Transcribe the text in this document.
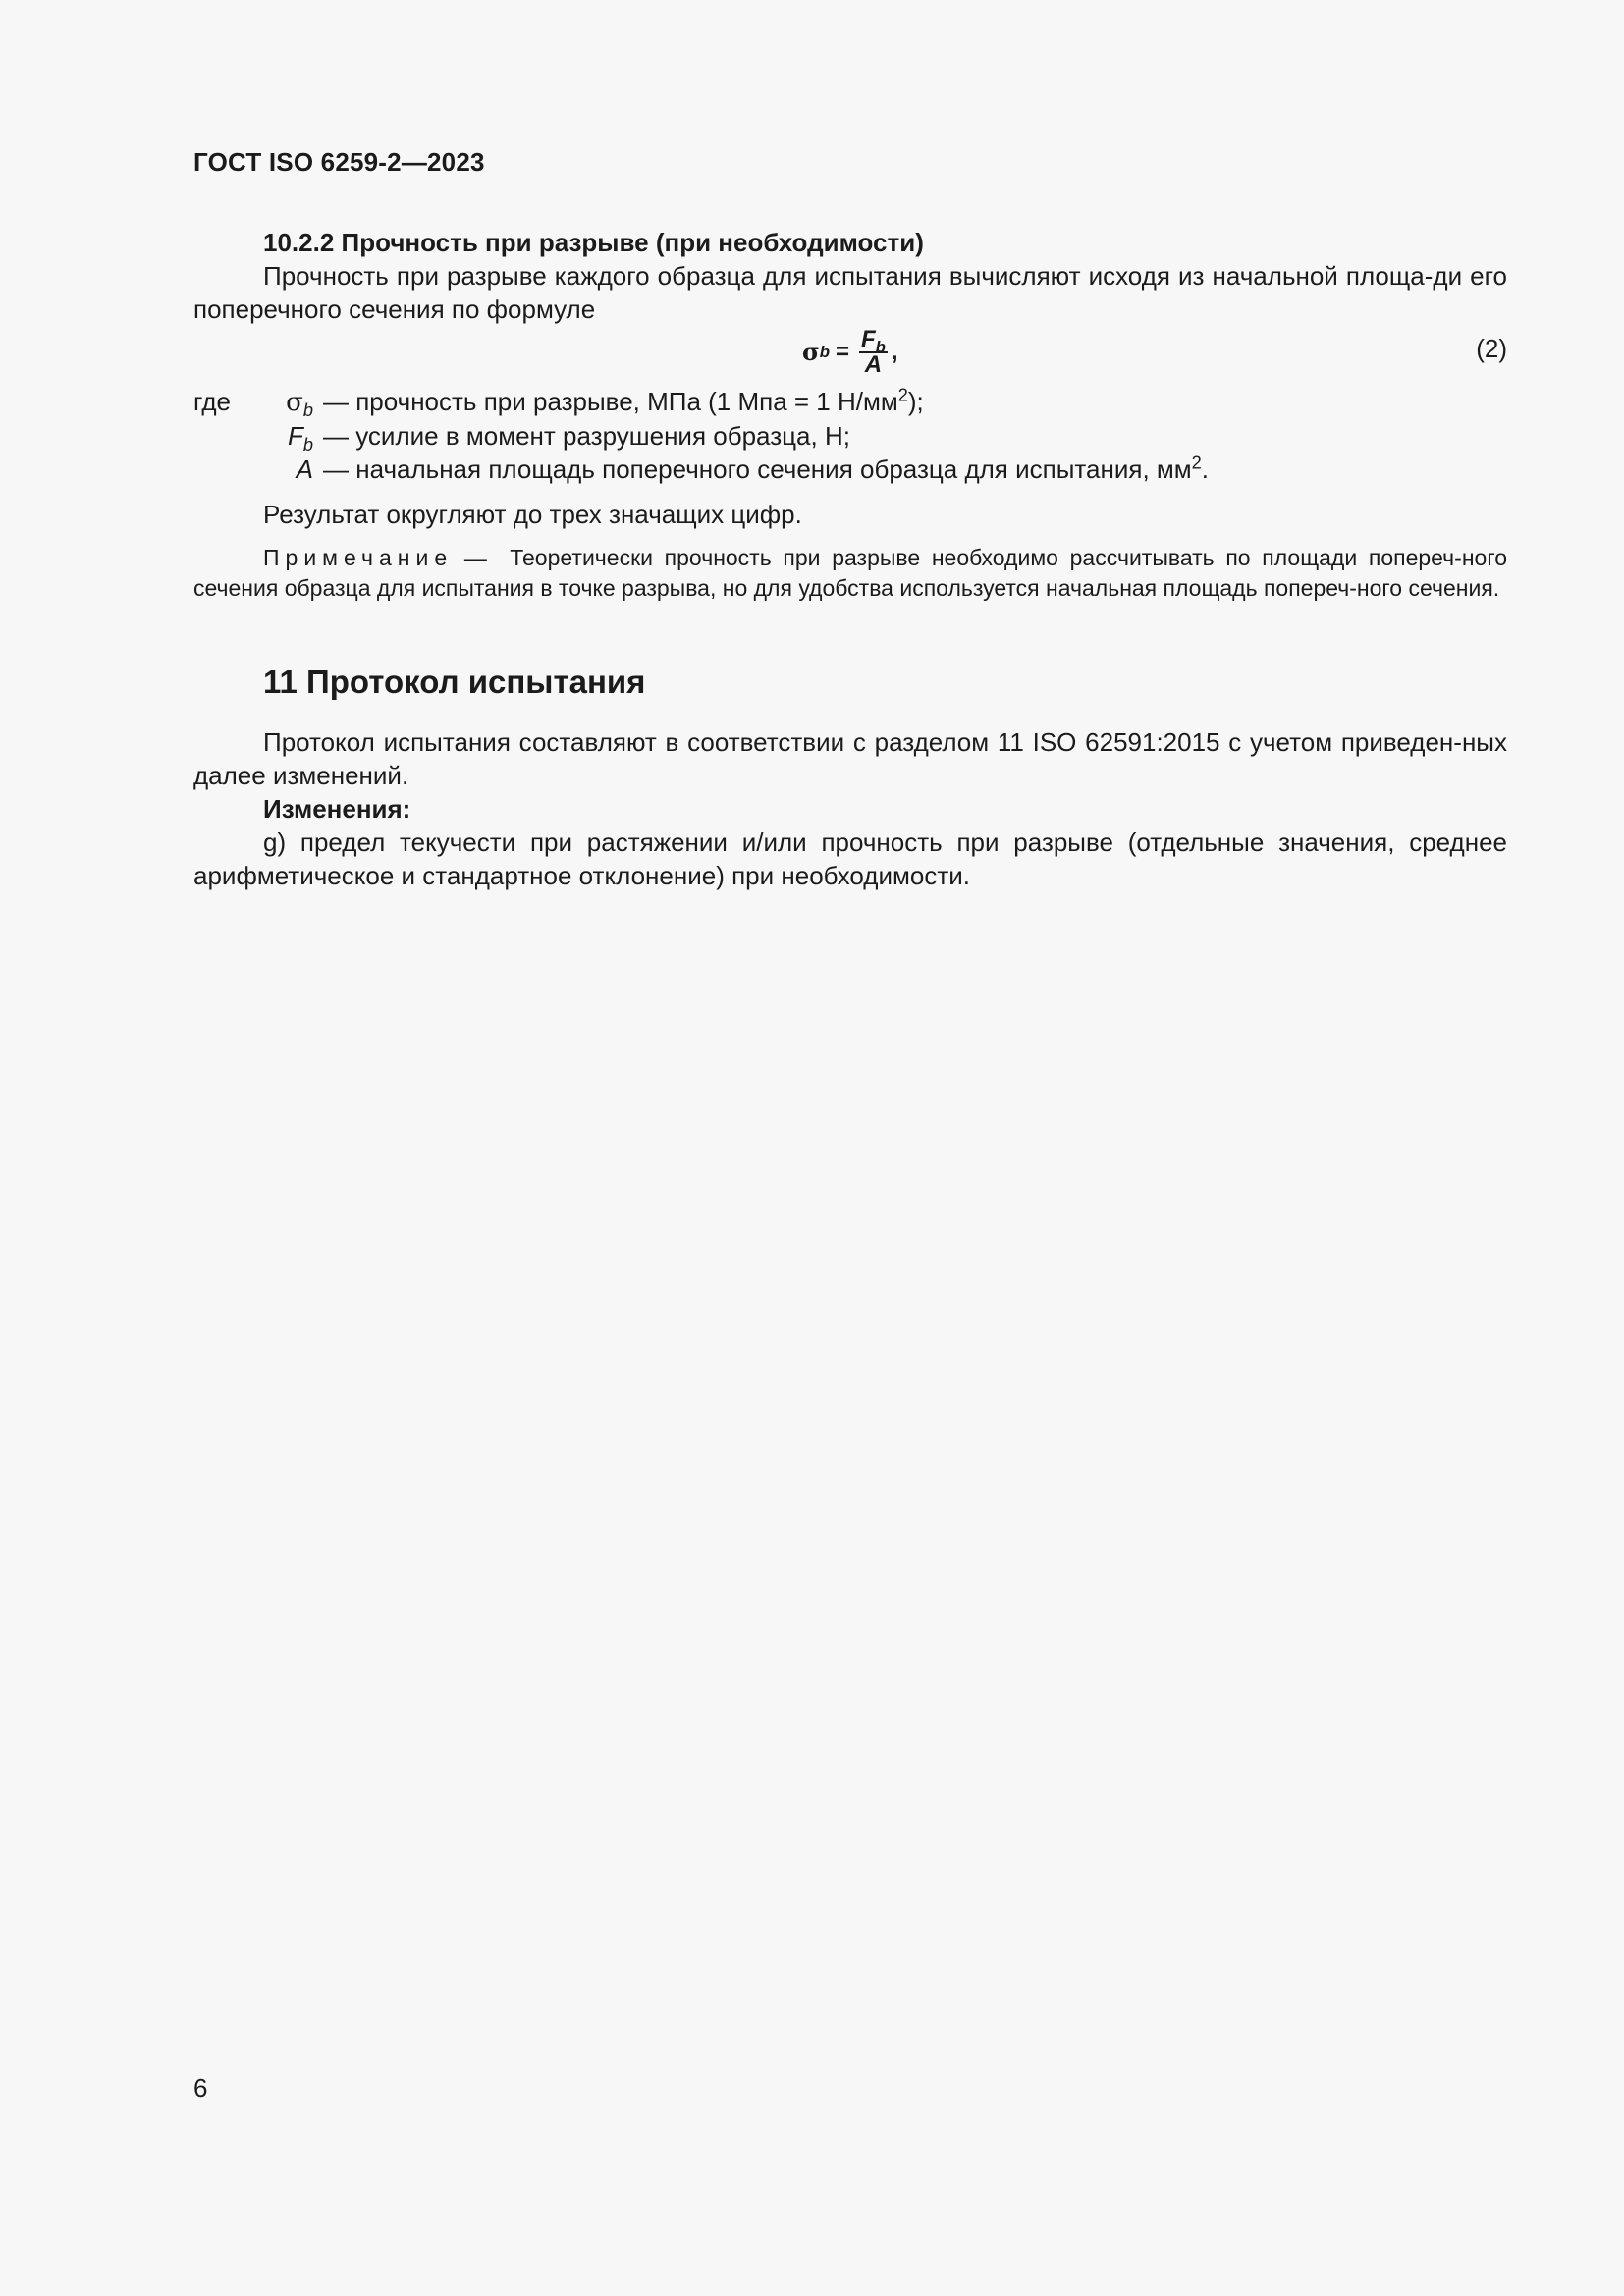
ГОСТ ISO 6259-2—2023

10.2.2 Прочность при разрыве (при необходимости)

Прочность при разрыве каждого образца для испытания вычисляют исходя из начальной площа-ди его поперечного сечения по формуле

σ $b = \frac{F_b}{A}$ ,	(2)
где $\sigma_b$ — прочность при разрыве, МПа (1 Мпа = 1 $Н/мм^2$);
$F_b$ — усилие в момент разрушения образца, Н;
A — начальная площадь поперечного сечения образца для испытания, $мм^2$.

Результат округляют до трех значащих цифр.

Примечание — Теоретически прочность при разрыве необходимо рассчитывать по площади попереч-ного сечения образца для испытания в точке разрыва, но для удобства используется начальная площадь попереч-ного сечения.

11 Протокол испытания

Протокол испытания составляют в соответствии с разделом 11 ISO 62591:2015 с учетом приведен-ных далее изменений.

Изменения:

g) предел текучести при растяжении и/или прочность при разрыве (отдельные значения, среднее арифметическое и стандартное отклонение) при необходимости.

6
